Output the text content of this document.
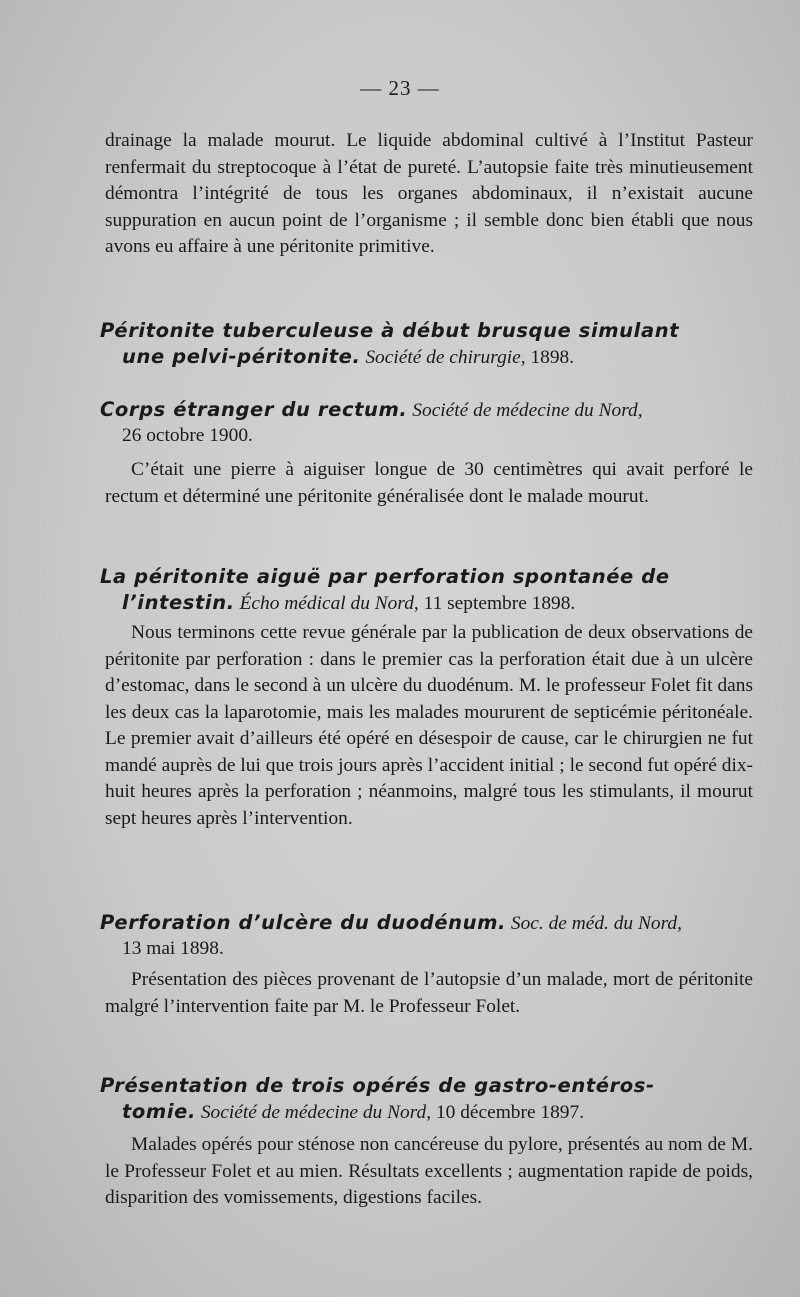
— 23 —

drainage la malade mourut. Le liquide abdominal cultivé à l’Institut Pasteur renfermait du streptocoque à l’état de pureté. L’autopsie faite très minutieusement démontra l’intégrité de tous les organes abdominaux, il n’existait aucune suppuration en aucun point de l’organisme ; il semble donc bien établi que nous avons eu affaire à une péritonite primitive.

Péritonite tuberculeuse à début brusque simulant
une pelvi-péritonite. Société de chirurgie, 1898.
Corps étranger du rectum. Société de médecine du Nord,
26 octobre 1900.

C’était une pierre à aiguiser longue de 30 centimètres qui avait perforé le rectum et déterminé une péritonite généralisée dont le malade mourut.

La péritonite aiguë par perforation spontanée de
l’intestin. Écho médical du Nord, 11 septembre 1898.

Nous terminons cette revue générale par la publication de deux observations de péritonite par perforation : dans le premier cas la perforation était due à un ulcère d’estomac, dans le second à un ulcère du duodénum. M. le professeur Folet fit dans les deux cas la laparotomie, mais les malades moururent de septicémie péritonéale. Le premier avait d’ailleurs été opéré en désespoir de cause, car le chirurgien ne fut mandé auprès de lui que trois jours après l’accident initial ; le second fut opéré dix-huit heures après la perforation ; néanmoins, malgré tous les stimulants, il mourut sept heures après l’intervention.

Perforation d’ulcère du duodénum. Soc. de méd. du Nord,
13 mai 1898.

Présentation des pièces provenant de l’autopsie d’un malade, mort de péritonite malgré l’intervention faite par M. le Professeur Folet.

Présentation de trois opérés de gastro-entéros-
tomie. Société de médecine du Nord, 10 décembre 1897.

Malades opérés pour sténose non cancéreuse du pylore, présentés au nom de M. le Professeur Folet et au mien. Résultats excellents ; augmentation rapide de poids, disparition des vomissements, digestions faciles.
